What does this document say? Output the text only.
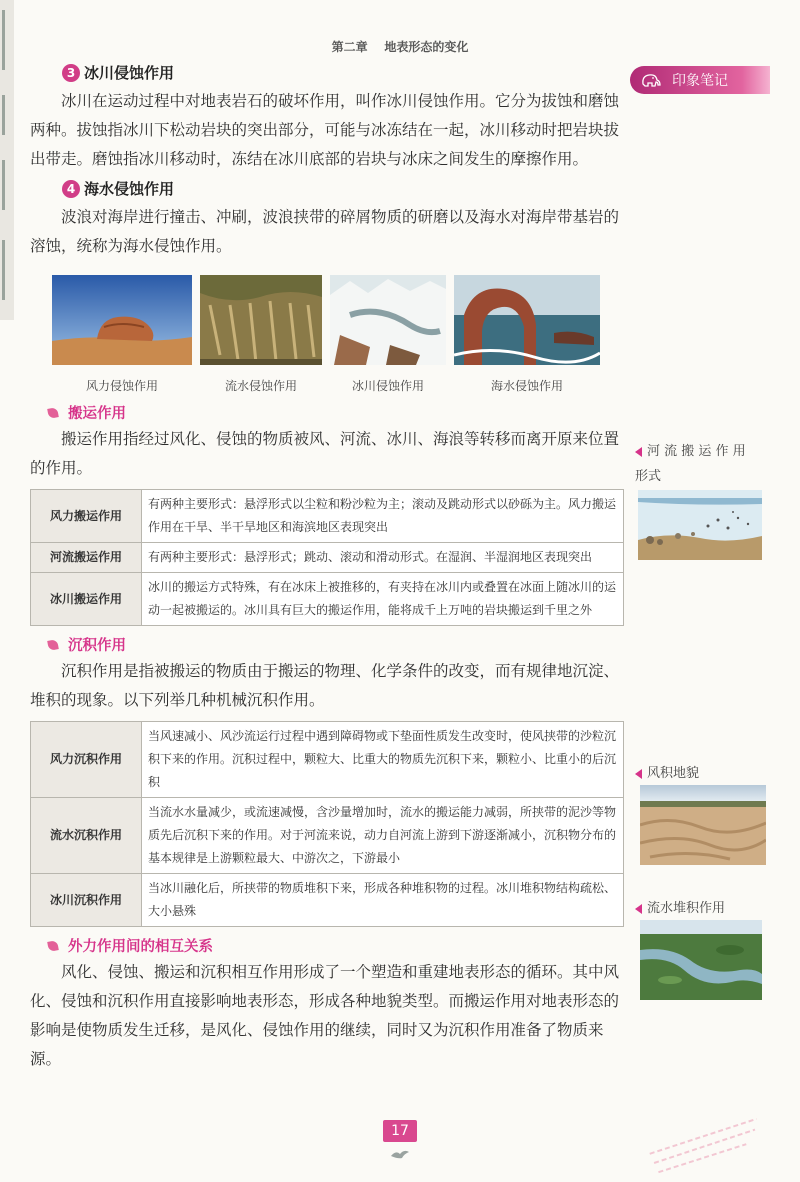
第二章 地表形态的变化
印象笔记
河 流 搬 运 作 用
形式
风积地貌
流水堆积作用
3 冰川侵蚀作用

冰川在运动过程中对地表岩石的破坏作用，叫作冰川侵蚀作用。它分为拔蚀和磨蚀两种。拔蚀指冰川下松动岩块的突出部分，可能与冰冻结在一起，冰川移动时把岩块拔出带走。磨蚀指冰川移动时，冻结在冰川底部的岩块与冰床之间发生的摩擦作用。

4 海水侵蚀作用

波浪对海岸进行撞击、冲刷，波浪挟带的碎屑物质的研磨以及海水对海岸带基岩的溶蚀，统称为海水侵蚀作用。

风力侵蚀作用	流水侵蚀作用	冰川侵蚀作用	海水侵蚀作用
搬运作用

搬运作用指经过风化、侵蚀的物质被风、河流、冰川、海浪等转移而离开原来位置的作用。

风力搬运作用	有两种主要形式：悬浮形式以尘粒和粉沙粒为主；滚动及跳动形式以砂砾为主。风力搬运作用在干旱、半干旱地区和海滨地区表现突出
河流搬运作用	有两种主要形式：悬浮形式；跳动、滚动和滑动形式。在湿润、半湿润地区表现突出
冰川搬运作用	冰川的搬运方式特殊，有在冰床上被推移的，有夹持在冰川内或叠置在冰面上随冰川的运动一起被搬运的。冰川具有巨大的搬运作用，能将成千上万吨的岩块搬运到千里之外
沉积作用

沉积作用是指被搬运的物质由于搬运的物理、化学条件的改变，而有规律地沉淀、堆积的现象。以下列举几种机械沉积作用。

风力沉积作用	当风速减小、风沙流运行过程中遇到障碍物或下垫面性质发生改变时，使风挟带的沙粒沉积下来的作用。沉积过程中，颗粒大、比重大的物质先沉积下来，颗粒小、比重小的后沉积
流水沉积作用	当流水水量减少，或流速减慢，含沙量增加时，流水的搬运能力减弱，所挟带的泥沙等物质先后沉积下来的作用。对于河流来说，动力自河流上游到下游逐渐减小，沉积物分布的基本规律是上游颗粒最大、中游次之，下游最小
冰川沉积作用	当冰川融化后，所挟带的物质堆积下来，形成各种堆积物的过程。冰川堆积物结构疏松、大小悬殊
外力作用间的相互关系

风化、侵蚀、搬运和沉积相互作用形成了一个塑造和重建地表形态的循环。其中风化、侵蚀和沉积作用直接影响地表形态，形成各种地貌类型。而搬运作用对地表形态的影响是使物质发生迁移，是风化、侵蚀作用的继续，同时又为沉积作用准备了物质来源。

17
